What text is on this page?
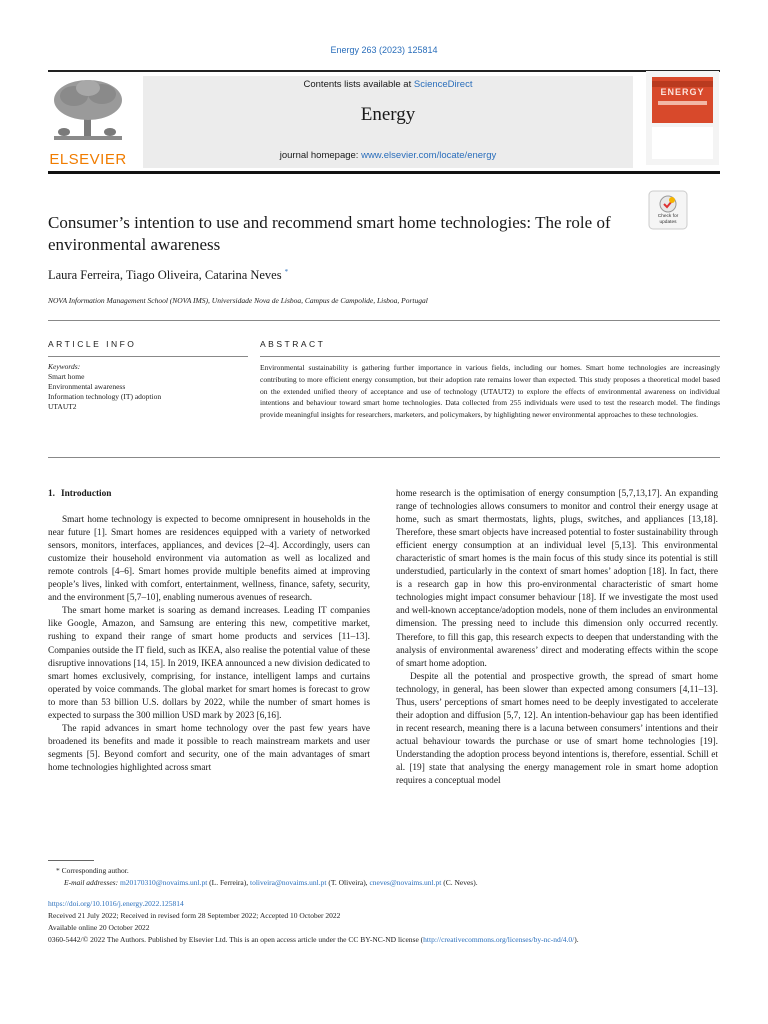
Energy 263 (2023) 125814
ELSEVIER
Contents lists available at ScienceDirect
Energy
journal homepage: www.elsevier.com/locate/energy
ENERGY
Consumer’s intention to use and recommend smart home technologies: The role of environmental awareness
Check for updates
Laura Ferreira, Tiago Oliveira, Catarina Neves *
NOVA Information Management School (NOVA IMS), Universidade Nova de Lisboa, Campus de Campolide, Lisboa, Portugal
ARTICLE INFO	ABSTRACT
Keywords:
Smart home
Environmental awareness
Information technology (IT) adoption
UTAUT2
Environmental sustainability is gathering further importance in various fields, including our homes. Smart home technologies are increasingly contributing to more efficient energy consumption, but their adoption rate remains lower than expected. This study proposes a theoretical model based on the extended unified theory of acceptance and use of technology (UTAUT2) to explore the effects of environmental awareness on individual intentions and behaviour toward smart home technologies. Data collected from 255 individuals were used to test the research model. The findings provide meaningful insights for researchers, marketers, and policymakers, by highlighting newer environmental approaches to these technologies.

1. Introduction

Smart home technology is expected to become omnipresent in households in the near future [1]. Smart homes are residences equipped with a variety of networked sensors, monitors, interfaces, appliances, and devices [2–4]. Accordingly, users can customize their household environment via automation as well as localized and remote controls [4–6]. Smart homes provide multiple benefits aimed at improving people’s lives, linked with comfort, entertainment, wellness, finance, safety, security, and the environment [5,7–10], enabling numerous avenues of research.

The smart home market is soaring as demand increases. Leading IT companies like Google, Amazon, and Samsung are entering this new, competitive market, rushing to expand their range of smart home products and services [11–13]. Companies outside the IT field, such as IKEA, also realise the potential value of these disruptive innovations [14, 15]. In 2019, IKEA announced a new division dedicated to smart homes exclusively, comprising, for instance, intelligent lamps and curtains operated by voice commands. The global market for smart homes is forecast to grow to more than 53 billion U.S. dollars by 2022, while the number of smart homes is expected to surpass the 300 million USD mark by 2023 [6,16].

The rapid advances in smart home technology over the past few years have broadened its benefits and made it possible to reach mainstream markets and user segments [5]. Beyond comfort and security, one of the main advantages of smart home technologies highlighted across smart

home research is the optimisation of energy consumption [5,7,13,17]. An expanding range of technologies allows consumers to monitor and control their energy usage at home, such as smart thermostats, lights, plugs, switches, and appliances [13,18]. Therefore, these smart objects have increased potential to foster sustainability through efficient energy consumption at an individual level [5,13]. This environmental characteristic of smart homes is the main focus of this study since its potential is still understudied, particularly in the context of smart homes’ adoption [18]. In fact, there is a research gap in how this pro-environmental characteristic of smart home technologies might impact consumer behaviour [18]. If we investigate the most used and well-known acceptance/adoption models, none of them includes an environmental dimension. The pressing need to include this dimension only occurred recently. Therefore, to fill this gap, this research expects to deepen that understanding with the analysis of environmental awareness’ direct and moderating effects within the scope of smart home adoption.

Despite all the potential and prospective growth, the spread of smart home technology, in general, has been slower than expected among consumers [4,11–13]. Thus, users’ perceptions of smart homes need to be deeply investigated to accelerate their adoption and diffusion [5,7, 12]. An intention-behaviour gap has been identified in recent research, meaning there is a lacuna between consumers’ intentions and their actual behaviour towards the purchase or use of smart home technologies [19]. Understanding the adoption process beyond intentions is, therefore, essential. Schill et al. [19] state that analysing the energy management role in smart home adoption requires a conceptual model

* Corresponding author.

E-mail addresses: m20170310@novaims.unl.pt (L. Ferreira), toliveira@novaims.unl.pt (T. Oliveira), cneves@novaims.unl.pt (C. Neves).

https://doi.org/10.1016/j.energy.2022.125814

Received 21 July 2022; Received in revised form 28 September 2022; Accepted 10 October 2022

Available online 20 October 2022

0360-5442/© 2022 The Authors. Published by Elsevier Ltd. This is an open access article under the CC BY-NC-ND license (http://creativecommons.org/licenses/by-nc-nd/4.0/).
